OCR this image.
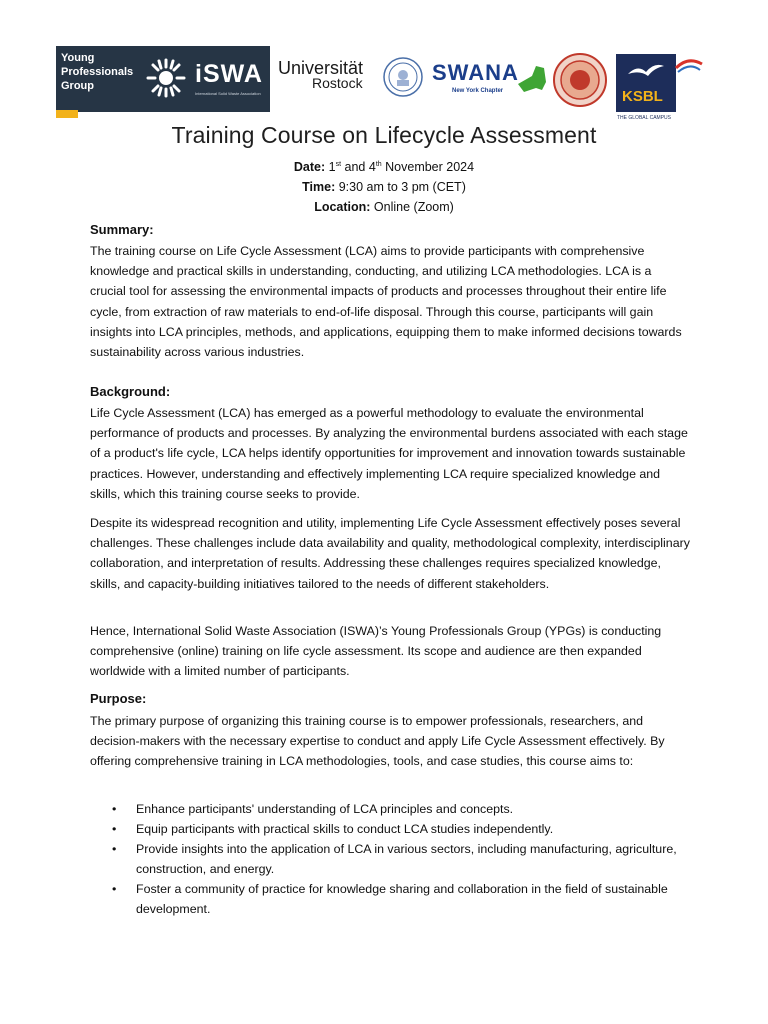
Young Professionals Group	iSWA
International Solid Waste Association
Universität
Rostock	SWANA
New York Chapter	KSBL
THE GLOBAL CAMPUS
Training Course on Lifecycle Assessment
Date: 1st and 4th November 2024
Time: 9:30 am to 3 pm (CET)
Location: Online (Zoom)
Summary:

The training course on Life Cycle Assessment (LCA) aims to provide participants with comprehensive knowledge and practical skills in understanding, conducting, and utilizing LCA methodologies. LCA is a crucial tool for assessing the environmental impacts of products and processes throughout their entire life cycle, from extraction of raw materials to end-of-life disposal. Through this course, participants will gain insights into LCA principles, methods, and applications, equipping them to make informed decisions towards sustainability across various industries.

Background:

Life Cycle Assessment (LCA) has emerged as a powerful methodology to evaluate the environmental performance of products and processes. By analyzing the environmental burdens associated with each stage of a product's life cycle, LCA helps identify opportunities for improvement and innovation towards sustainable practices. However, understanding and effectively implementing LCA require specialized knowledge and skills, which this training course seeks to provide.

Despite its widespread recognition and utility, implementing Life Cycle Assessment effectively poses several challenges. These challenges include data availability and quality, methodological complexity, interdisciplinary collaboration, and interpretation of results. Addressing these challenges requires specialized knowledge, skills, and capacity-building initiatives tailored to the needs of different stakeholders.

Hence, International Solid Waste Association (ISWA)’s Young Professionals Group (YPGs) is conducting comprehensive (online) training on life cycle assessment. Its scope and audience are then expanded worldwide with a limited number of participants.

Purpose:

The primary purpose of organizing this training course is to empower professionals, researchers, and decision-makers with the necessary expertise to conduct and apply Life Cycle Assessment effectively. By offering comprehensive training in LCA methodologies, tools, and case studies, this course aims to:

• Enhance participants' understanding of LCA principles and concepts.
• Equip participants with practical skills to conduct LCA studies independently.
• Provide insights into the application of LCA in various sectors, including manufacturing, agriculture, construction, and energy.
• Foster a community of practice for knowledge sharing and collaboration in the field of sustainable development.
